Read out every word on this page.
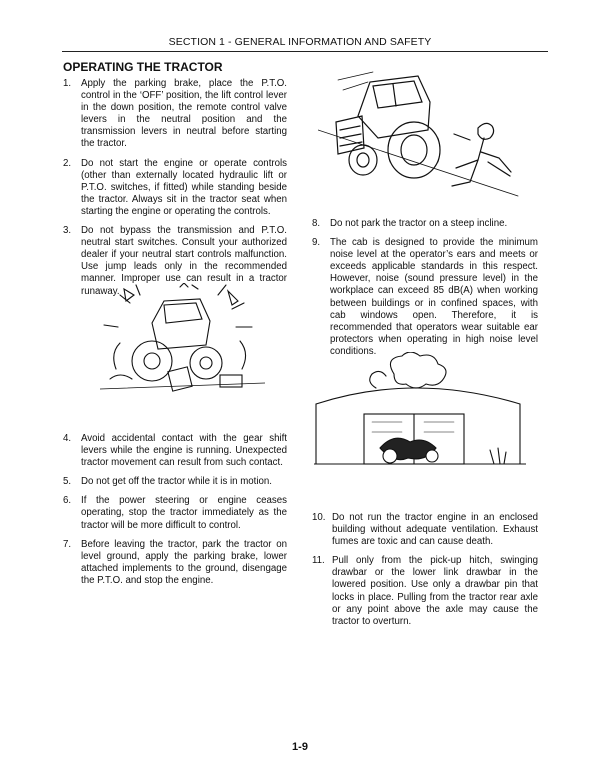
SECTION 1 - GENERAL INFORMATION AND SAFETY
OPERATING THE TRACTOR
1. Apply the parking brake, place the P.T.O. control in the ‘OFF’ position, the lift control lever in the down position, the remote control valve levers in the neutral position and the transmission levers in neutral before starting the tractor.
2. Do not start the engine or operate controls (other than externally located hydraulic lift or P.T.O. switches, if fitted) while standing beside the tractor. Always sit in the tractor seat when starting the engine or operating the controls.
3. Do not bypass the transmission and P.T.O. neutral start switches. Consult your authorized dealer if your neutral start controls malfunction. Use jump leads only in the recommended manner. Improper use can result in a tractor runaway.
4. Avoid accidental contact with the gear shift levers while the engine is running. Unexpected tractor movement can result from such contact.
5. Do not get off the tractor while it is in motion.
6. If the power steering or engine ceases operating, stop the tractor immediately as the tractor will be more difficult to control.
7. Before leaving the tractor, park the tractor on level ground, apply the parking brake, lower attached implements to the ground, disengage the P.T.O. and stop the engine.
8. Do not park the tractor on a steep incline.
9. The cab is designed to provide the minimum noise level at the operator’s ears and meets or exceeds applicable standards in this respect. However, noise (sound pressure level) in the workplace can exceed 85 dB(A) when working between buildings or in confined spaces, with cab windows open. Therefore, it is recommended that operators wear suitable ear protectors when operating in high noise level conditions.
10. Do not run the tractor engine in an enclosed building without adequate ventilation. Exhaust fumes are toxic and can cause death.
11. Pull only from the pick-up hitch, swinging drawbar or the lower link drawbar in the lowered position. Use only a drawbar pin that locks in place. Pulling from the tractor rear axle or any point above the axle may cause the tractor to overturn.
1-9
